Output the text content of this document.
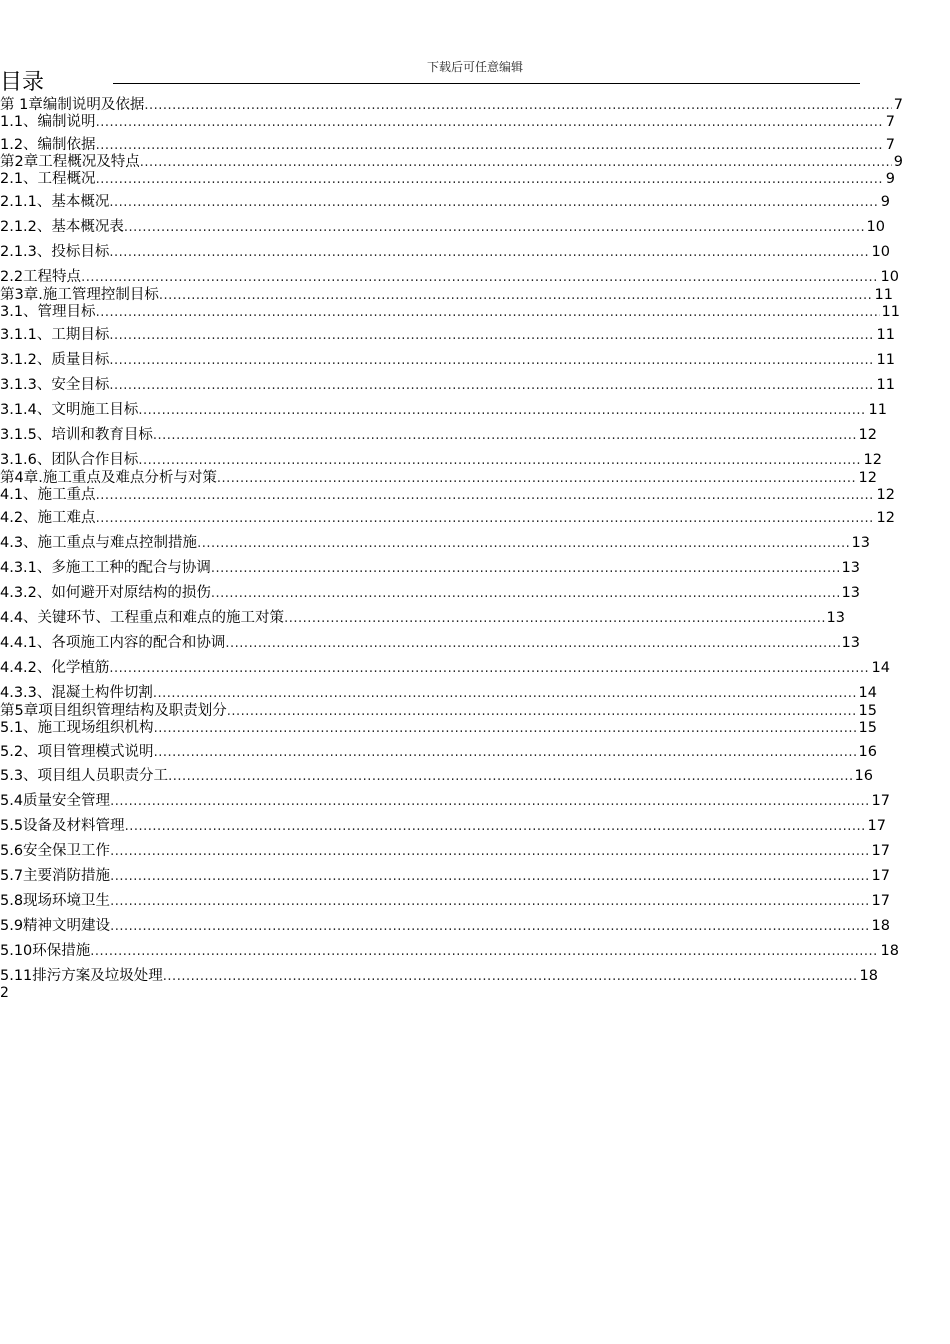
下载后可任意编辑
目录
第 1章编制说明及依据 .....	7
1.1、编制说明 .....	7
1.2、编制依据 .....	7
第2章工程概况及特点 .....	9
2.1、工程概况 .....	9
2.1.1、基本概况 .....	9
2.1.2、基本概况表 .....	10
2.1.3、投标目标 .....	10
2.2工程特点 .....	10
第3章.施工管理控制目标 .....	11
3.1、管理目标 .....	11
3.1.1、工期目标 .....	11
3.1.2、质量目标 .....	11
3.1.3、安全目标 .....	11
3.1.4、文明施工目标 .....	11
3.1.5、培训和教育目标 .....	12
3.1.6、团队合作目标 .....	12
第4章.施工重点及难点分析与对策 .....	12
4.1、施工重点 .....	12
4.2、施工难点 .....	12
4.3、施工重点与难点控制措施 .....	13
4.3.1、多施工工种的配合与协调 .....	13
4.3.2、如何避开对原结构的损伤 .....	13
4.4、关键环节、工程重点和难点的施工对策 .....	13
4.4.1、各项施工内容的配合和协调 .....	13
4.4.2、化学植筋 .....	14
4.3.3、混凝土构件切割 .....	14
第5章项目组织管理结构及职责划分 .....	15
5.1、施工现场组织机构 .....	15
5.2、项目管理模式说明 .....	16
5.3、项目组人员职责分工 .....	16
5.4质量安全管理 .....	17
5.5设备及材料管理 .....	17
5.6安全保卫工作 .....	17
5.7主要消防措施 .....	17
5.8现场环境卫生 .....	17
5.9精神文明建设 .....	18
5.10环保措施 .....	18
5.11排污方案及垃圾处理 .....	18
2
